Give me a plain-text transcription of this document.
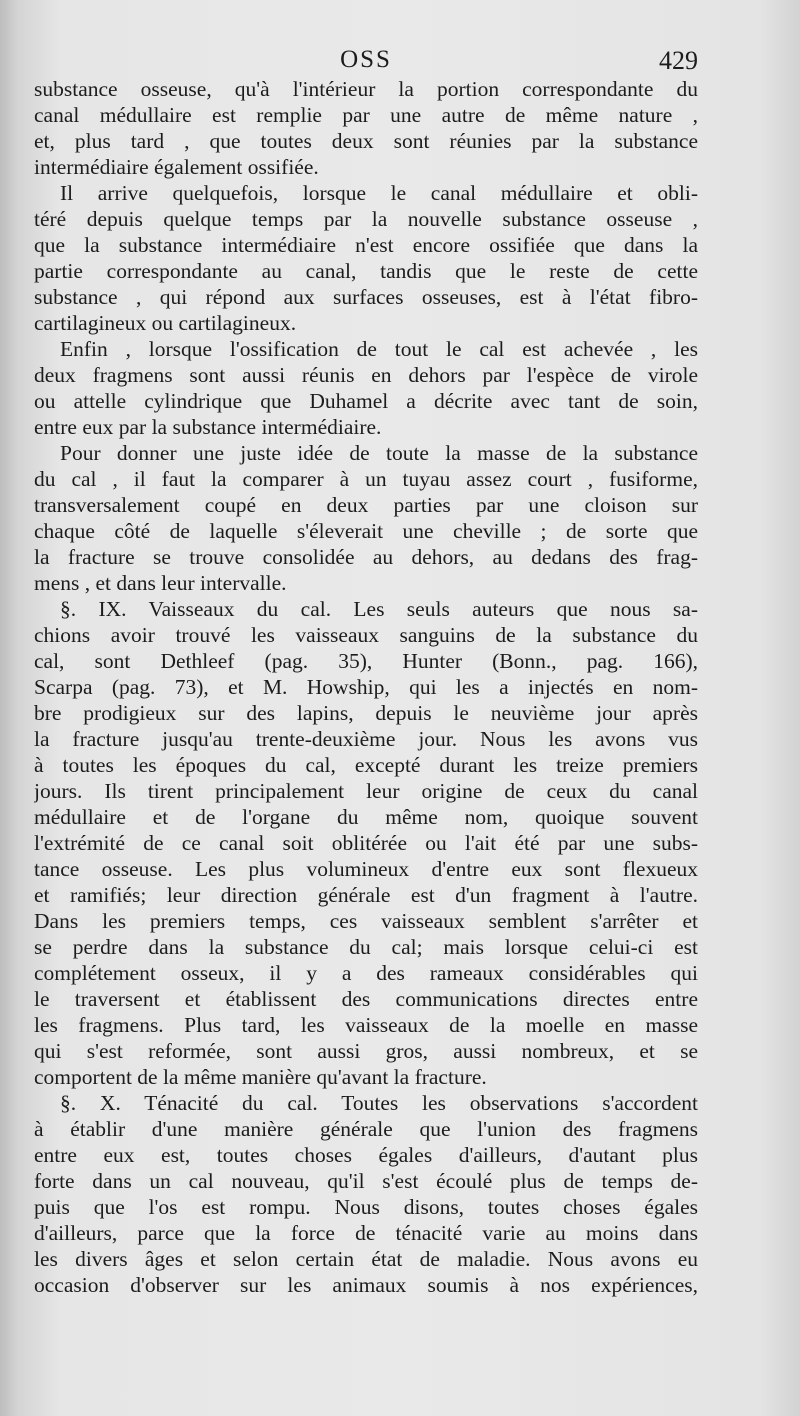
OSS	429
substance osseuse, qu'à l'intérieur la portion correspondante du
canal médullaire est remplie par une autre de même nature ,
et, plus tard , que toutes deux sont réunies par la substance
intermédiaire également ossifiée.
Il arrive quelquefois, lorsque le canal médullaire et obli-
téré depuis quelque temps par la nouvelle substance osseuse ,
que la substance intermédiaire n'est encore ossifiée que dans la
partie correspondante au canal, tandis que le reste de cette
substance , qui répond aux surfaces osseuses, est à l'état fibro-
cartilagineux ou cartilagineux.
Enfin , lorsque l'ossification de tout le cal est achevée , les
deux fragmens sont aussi réunis en dehors par l'espèce de virole
ou attelle cylindrique que Duhamel a décrite avec tant de soin,
entre eux par la substance intermédiaire.
Pour donner une juste idée de toute la masse de la substance
du cal , il faut la comparer à un tuyau assez court , fusiforme,
transversalement coupé en deux parties par une cloison sur
chaque côté de laquelle s'éleverait une cheville ; de sorte que
la fracture se trouve consolidée au dehors, au dedans des frag-
mens , et dans leur intervalle.
§. IX. Vaisseaux du cal. Les seuls auteurs que nous sa-
chions avoir trouvé les vaisseaux sanguins de la substance du
cal, sont Dethleef (pag. 35), Hunter (Bonn., pag. 166),
Scarpa (pag. 73), et M. Howship, qui les a injectés en nom-
bre prodigieux sur des lapins, depuis le neuvième jour après
la fracture jusqu'au trente-deuxième jour. Nous les avons vus
à toutes les époques du cal, excepté durant les treize premiers
jours. Ils tirent principalement leur origine de ceux du canal
médullaire et de l'organe du même nom, quoique souvent
l'extrémité de ce canal soit oblitérée ou l'ait été par une subs-
tance osseuse. Les plus volumineux d'entre eux sont flexueux
et ramifiés; leur direction générale est d'un fragment à l'autre.
Dans les premiers temps, ces vaisseaux semblent s'arrêter et
se perdre dans la substance du cal; mais lorsque celui-ci est
complétement osseux, il y a des rameaux considérables qui
le traversent et établissent des communications directes entre
les fragmens. Plus tard, les vaisseaux de la moelle en masse
qui s'est reformée, sont aussi gros, aussi nombreux, et se
comportent de la même manière qu'avant la fracture.
§. X. Ténacité du cal. Toutes les observations s'accordent
à établir d'une manière générale que l'union des fragmens
entre eux est, toutes choses égales d'ailleurs, d'autant plus
forte dans un cal nouveau, qu'il s'est écoulé plus de temps de-
puis que l'os est rompu. Nous disons, toutes choses égales
d'ailleurs, parce que la force de ténacité varie au moins dans
les divers âges et selon certain état de maladie. Nous avons eu
occasion d'observer sur les animaux soumis à nos expériences,
